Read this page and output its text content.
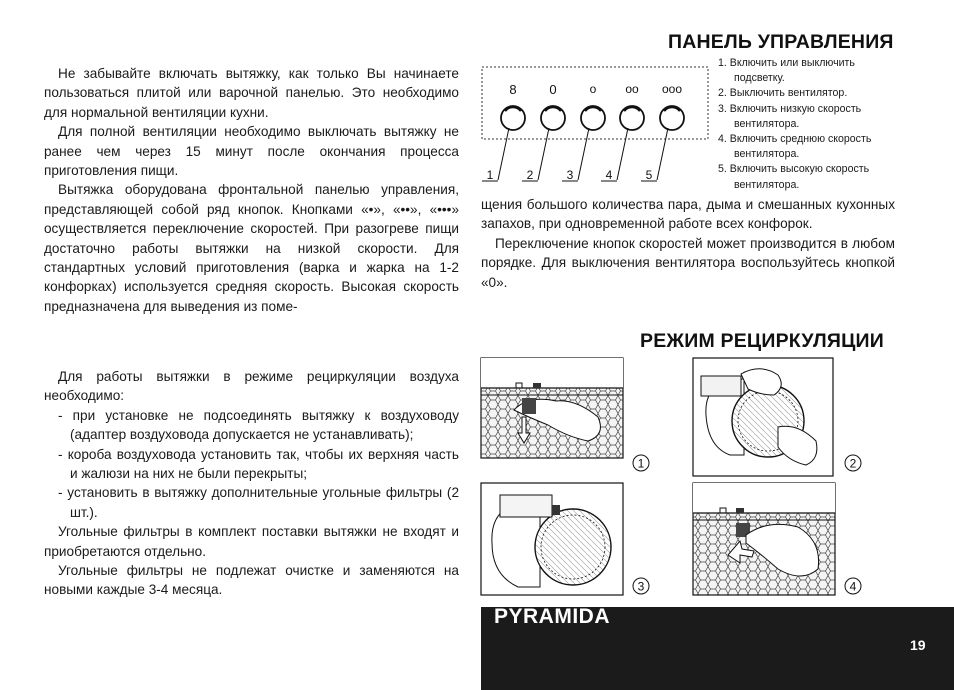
ПАНЕЛЬ УПРАВЛЕНИЯ
РЕЖИМ РЕЦИРКУЛЯЦИИ

Не забывайте включать вытяжку, как только Вы начинаете пользоваться плитой или варочной панелью. Это необходимо для нормальной вентиляции кухни.

Для полной вентиляции необходимо выключать вытяжку не ранее чем через 15 минут после окончания процесса приготовления пищи.

Вытяжка оборудована фронтальной панелью управления, представляющей собой ряд кнопок. Кнопками «•», «••», «•••» осуществляется переключение скоростей. При разогреве пищи достаточно работы вытяжки на низкой скорости. Для стандартных условий приготовления (варка и жарка на 1-2 конфорках) используется средняя скорость. Высокая скорость предназначена для выведения из поме-

8	0	o oo ooo
1	2	3	4	5
1. Включить или выключить подсветку.
2. Выключить вентилятор.
3. Включить низкую скорость вентилятора.
4. Включить среднюю скорость вентилятора.
5. Включить высокую скорость вентилятора.

щения большого количества пара, дыма и смешанных кухонных запахов, при одновременной работе всех конфорок.

Переключение кнопок скоростей может производится в любом порядке. Для выключения вентилятора воспользуйтесь кнопкой «0».

Для работы вытяжки в режиме рециркуляции воздуха необходимо:

- при установке не подсоединять вытяжку к воздуховоду (адаптер воздуховода допускается не устанавливать);
- короба воздуховода установить так, чтобы их верхняя часть и жалюзи на них не были перекрыты;
- установить в вытяжку дополнительные угольные фильтры (2 шт.).

Угольные фильтры в комплект поставки вытяжки не входят и приобретаются отдельно.

Угольные фильтры не подлежат очистке и заменяются на новыми каждые 3-4 месяца.

1	2
3	4
PYRAMIDA
19
